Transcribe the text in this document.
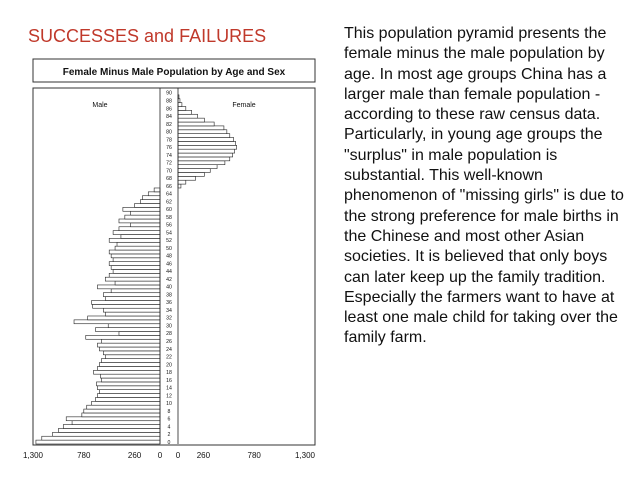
SUCCESSES and FAILURES
Female Minus Male Population by Age and Sex
Male	Female
0
2
4
6
8
10
12
14
16
18
20
22
24
26
28
30
32
34
36
38
40
42
44
46
48
50
52
54
56
58
60
62
64
66
68
70
72
74
76
78
80
82
84
86
88
90
1,300	780	260 0 0 260	780	1,300
This population pyramid presents the female minus the male population by age. In most age groups China has a larger male than female population - according to these raw census data. Particularly, in young age groups the "surplus" in male population is substantial. This well-known phenomenon of "missing girls" is due to the strong preference for male births in the Chinese and most other Asian societies. It is believed that only boys can later keep up the family tradition. Especially the farmers want to have at least one male child for taking over the family farm.
